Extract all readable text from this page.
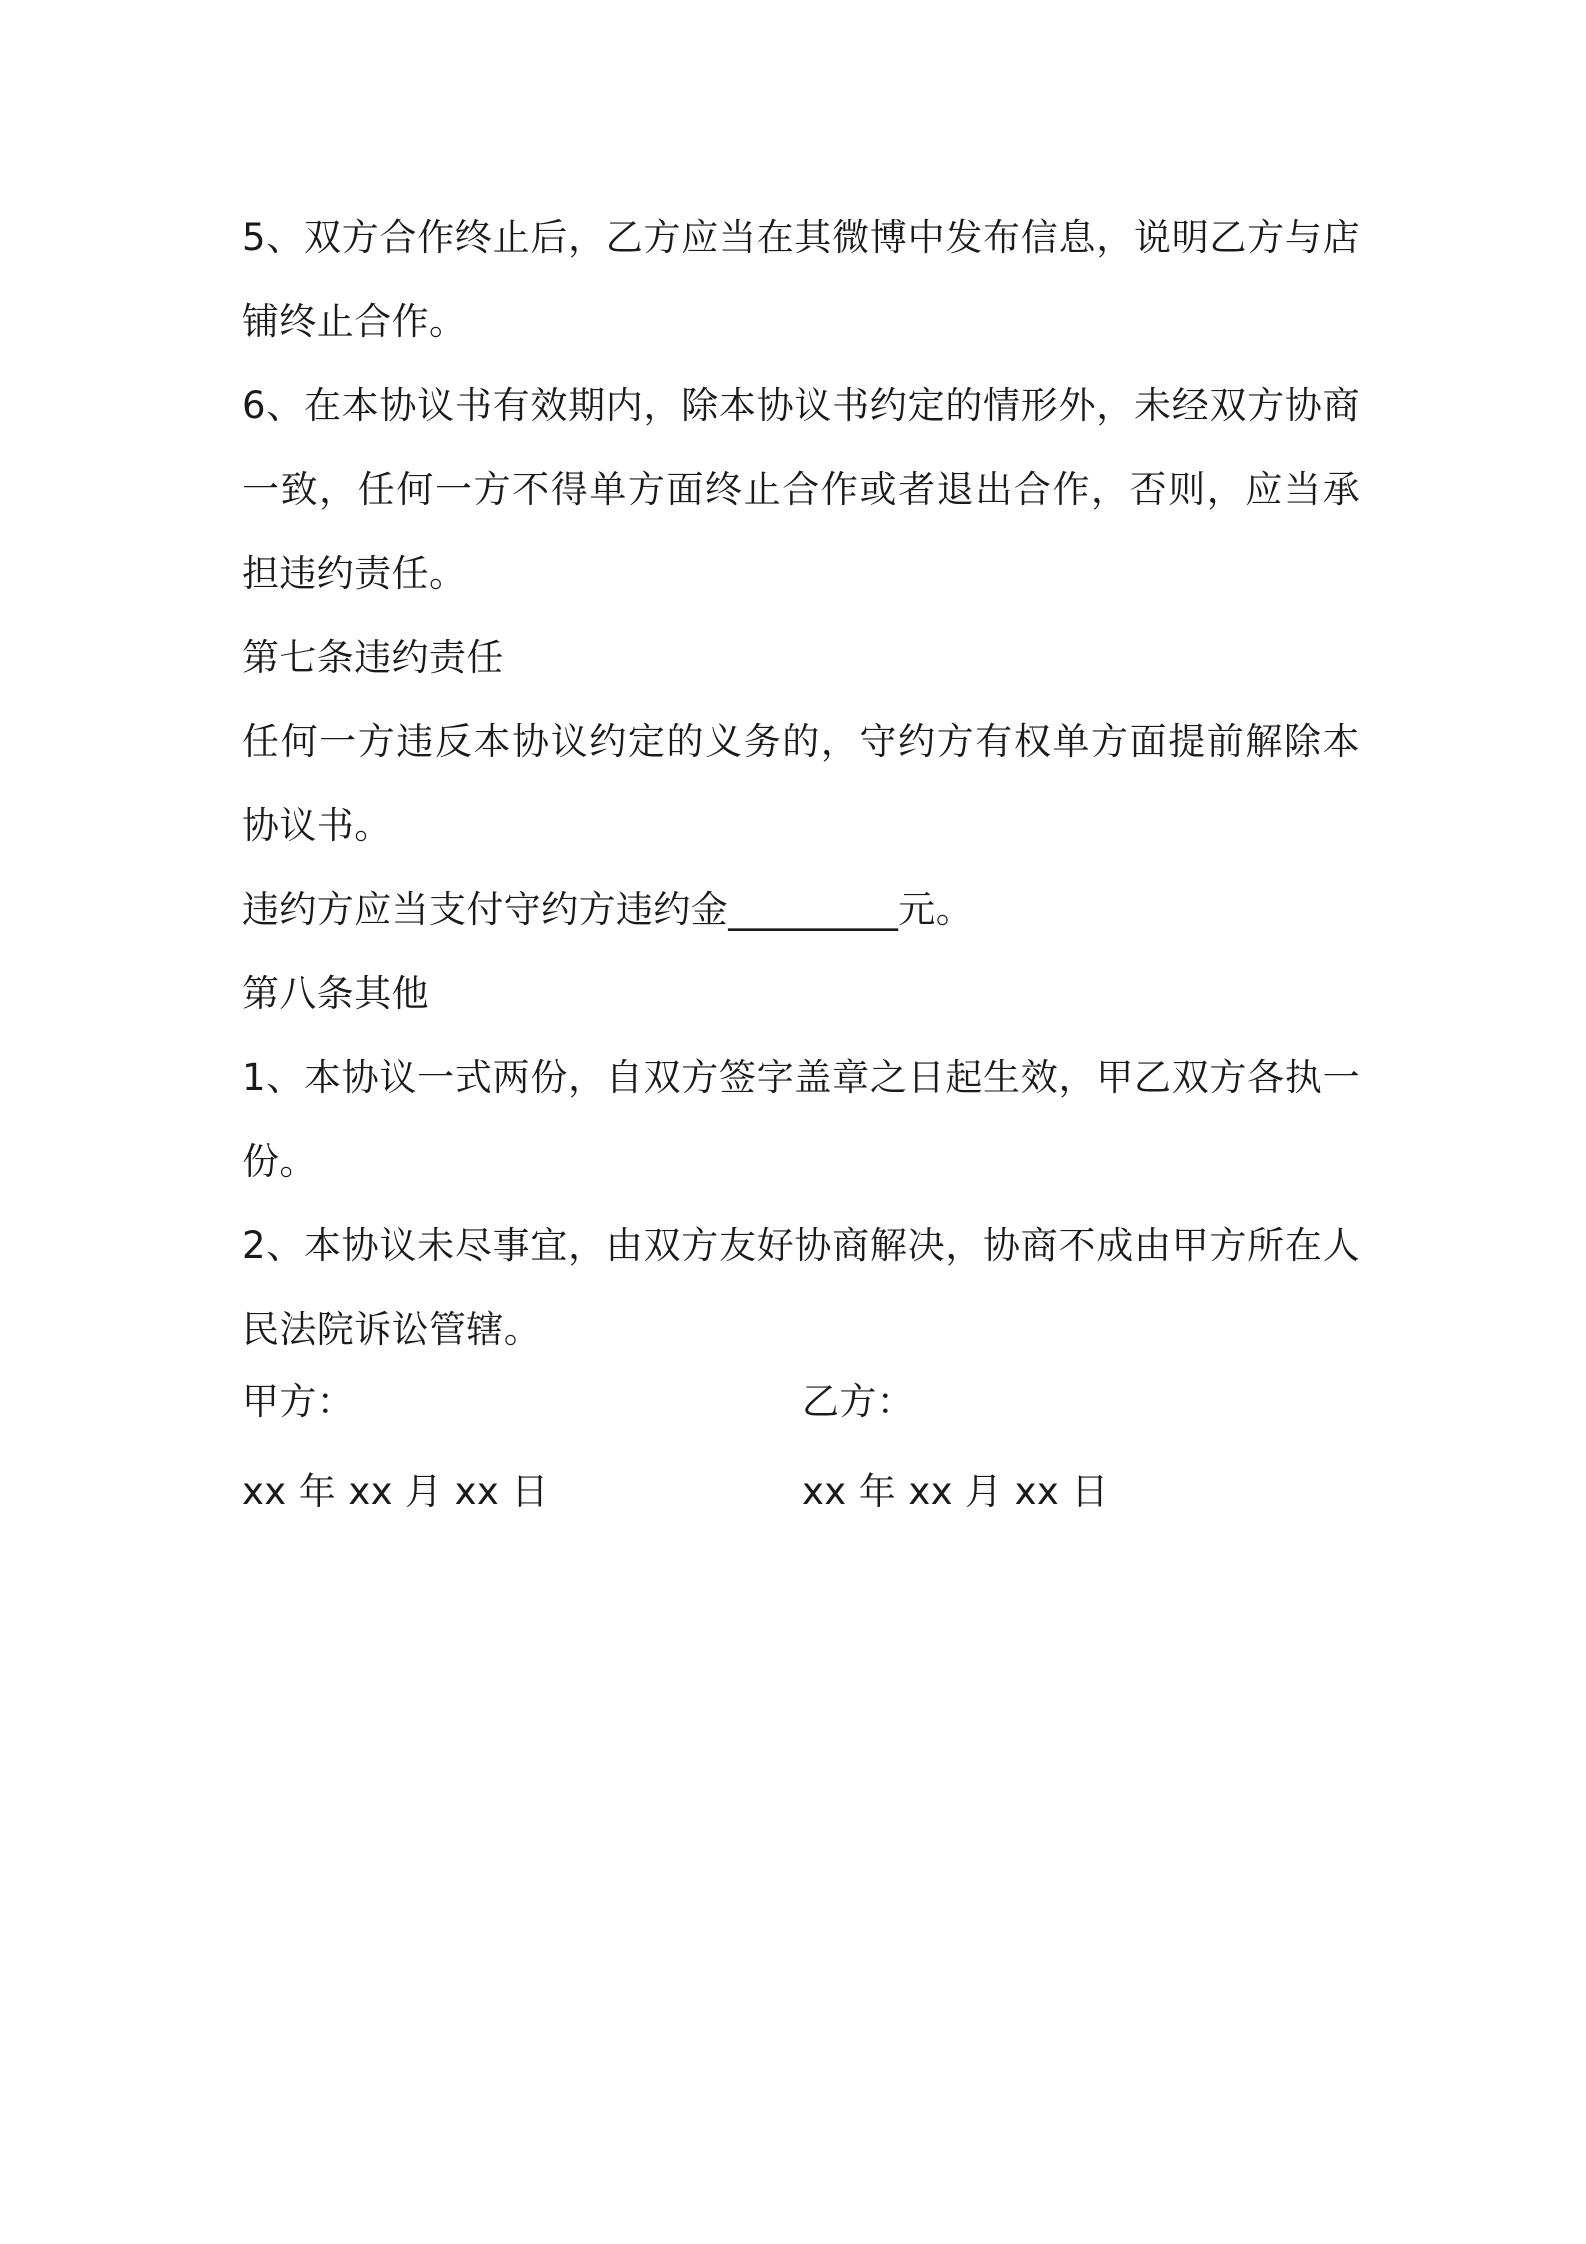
5、双方合作终止后，乙方应当在其微博中发布信息，说明乙方与店铺终止合作。

6、在本协议书有效期内，除本协议书约定的情形外，未经双方协商一致，任何一方不得单方面终止合作或者退出合作，否则，应当承担违约责任。

第七条违约责任

任何一方违反本协议约定的义务的，守约方有权单方面提前解除本协议书。

违约方应当支付守约方违约金_________元。

第八条其他

1、本协议一式两份，自双方签字盖章之日起生效，甲乙双方各执一份。

2、本协议未尽事宜，由双方友好协商解决，协商不成由甲方所在人民法院诉讼管辖。

甲方：

xx 年 xx 月 xx 日

乙方：

xx 年 xx 月 xx 日
